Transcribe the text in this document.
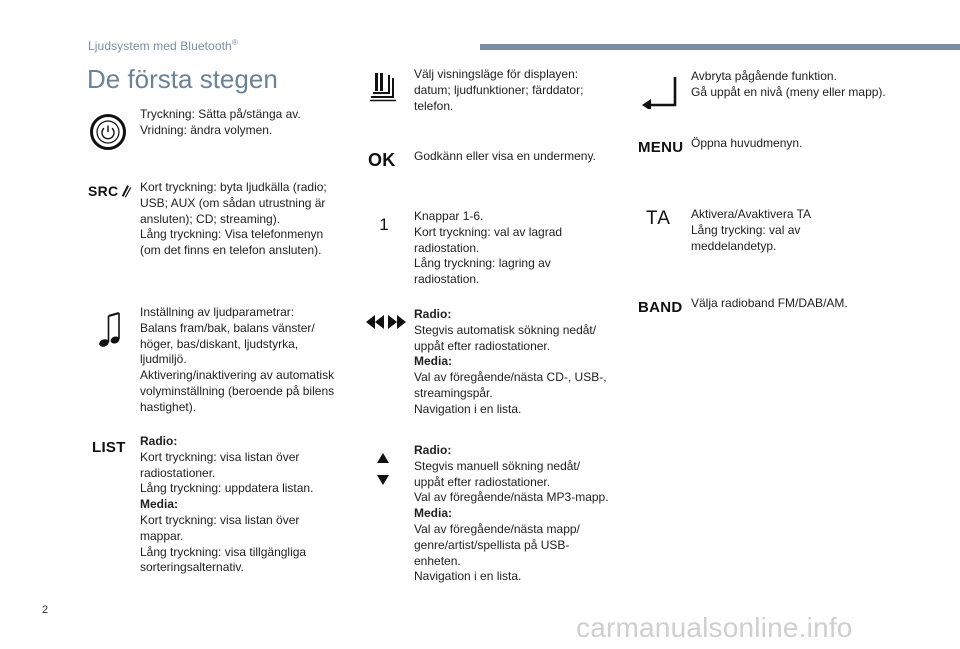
Ljudsystem med Bluetooth®
De första stegen
Tryckning: Sätta på/stänga av.
Vridning: ändra volymen.
SRC Kort tryckning: byta ljudkälla (radio;
USB; AUX (om sådan utrustning är
ansluten); CD; streaming).
Lång tryckning: Visa telefonmenyn
(om det finns en telefon ansluten).
Inställning av ljudparametrar:
Balans fram/bak, balans vänster/
höger, bas/diskant, ljudstyrka,
ljudmiljö.
Aktivering/inaktivering av automatisk
volyminställning (beroende på bilens
hastighet).
LIST Radio:
Kort tryckning: visa listan över
radiostationer.
Lång tryckning: uppdatera listan.
Media:
Kort tryckning: visa listan över
mappar.
Lång tryckning: visa tillgängliga
sorteringsalternativ.
Välj visningsläge för displayen:
datum; ljudfunktioner; färddator;
telefon.
OK Godkänn eller visa en undermeny.
1 Knappar 1-6.
Kort tryckning: val av lagrad
radiostation.
Lång tryckning: lagring av
radiostation.
Radio:
Stegvis automatisk sökning nedåt/
uppåt efter radiostationer.
Media:
Val av föregående/nästa CD-, USB-,
streamingspår.
Navigation i en lista.
Radio:
Stegvis manuell sökning nedåt/
uppåt efter radiostationer.
Val av föregående/nästa MP3-mapp.
Media:
Val av föregående/nästa mapp/
genre/artist/spellista på USB-
enheten.
Navigation i en lista.
Avbryta pågående funktion.
Gå uppåt en nivå (meny eller mapp).
MENU Öppna huvudmenyn.
TA Aktivera/Avaktivera TA
Lång trycking: val av
meddelandetyp.
BAND Välja radioband FM/DAB/AM.
2
carmanualsonline.info
